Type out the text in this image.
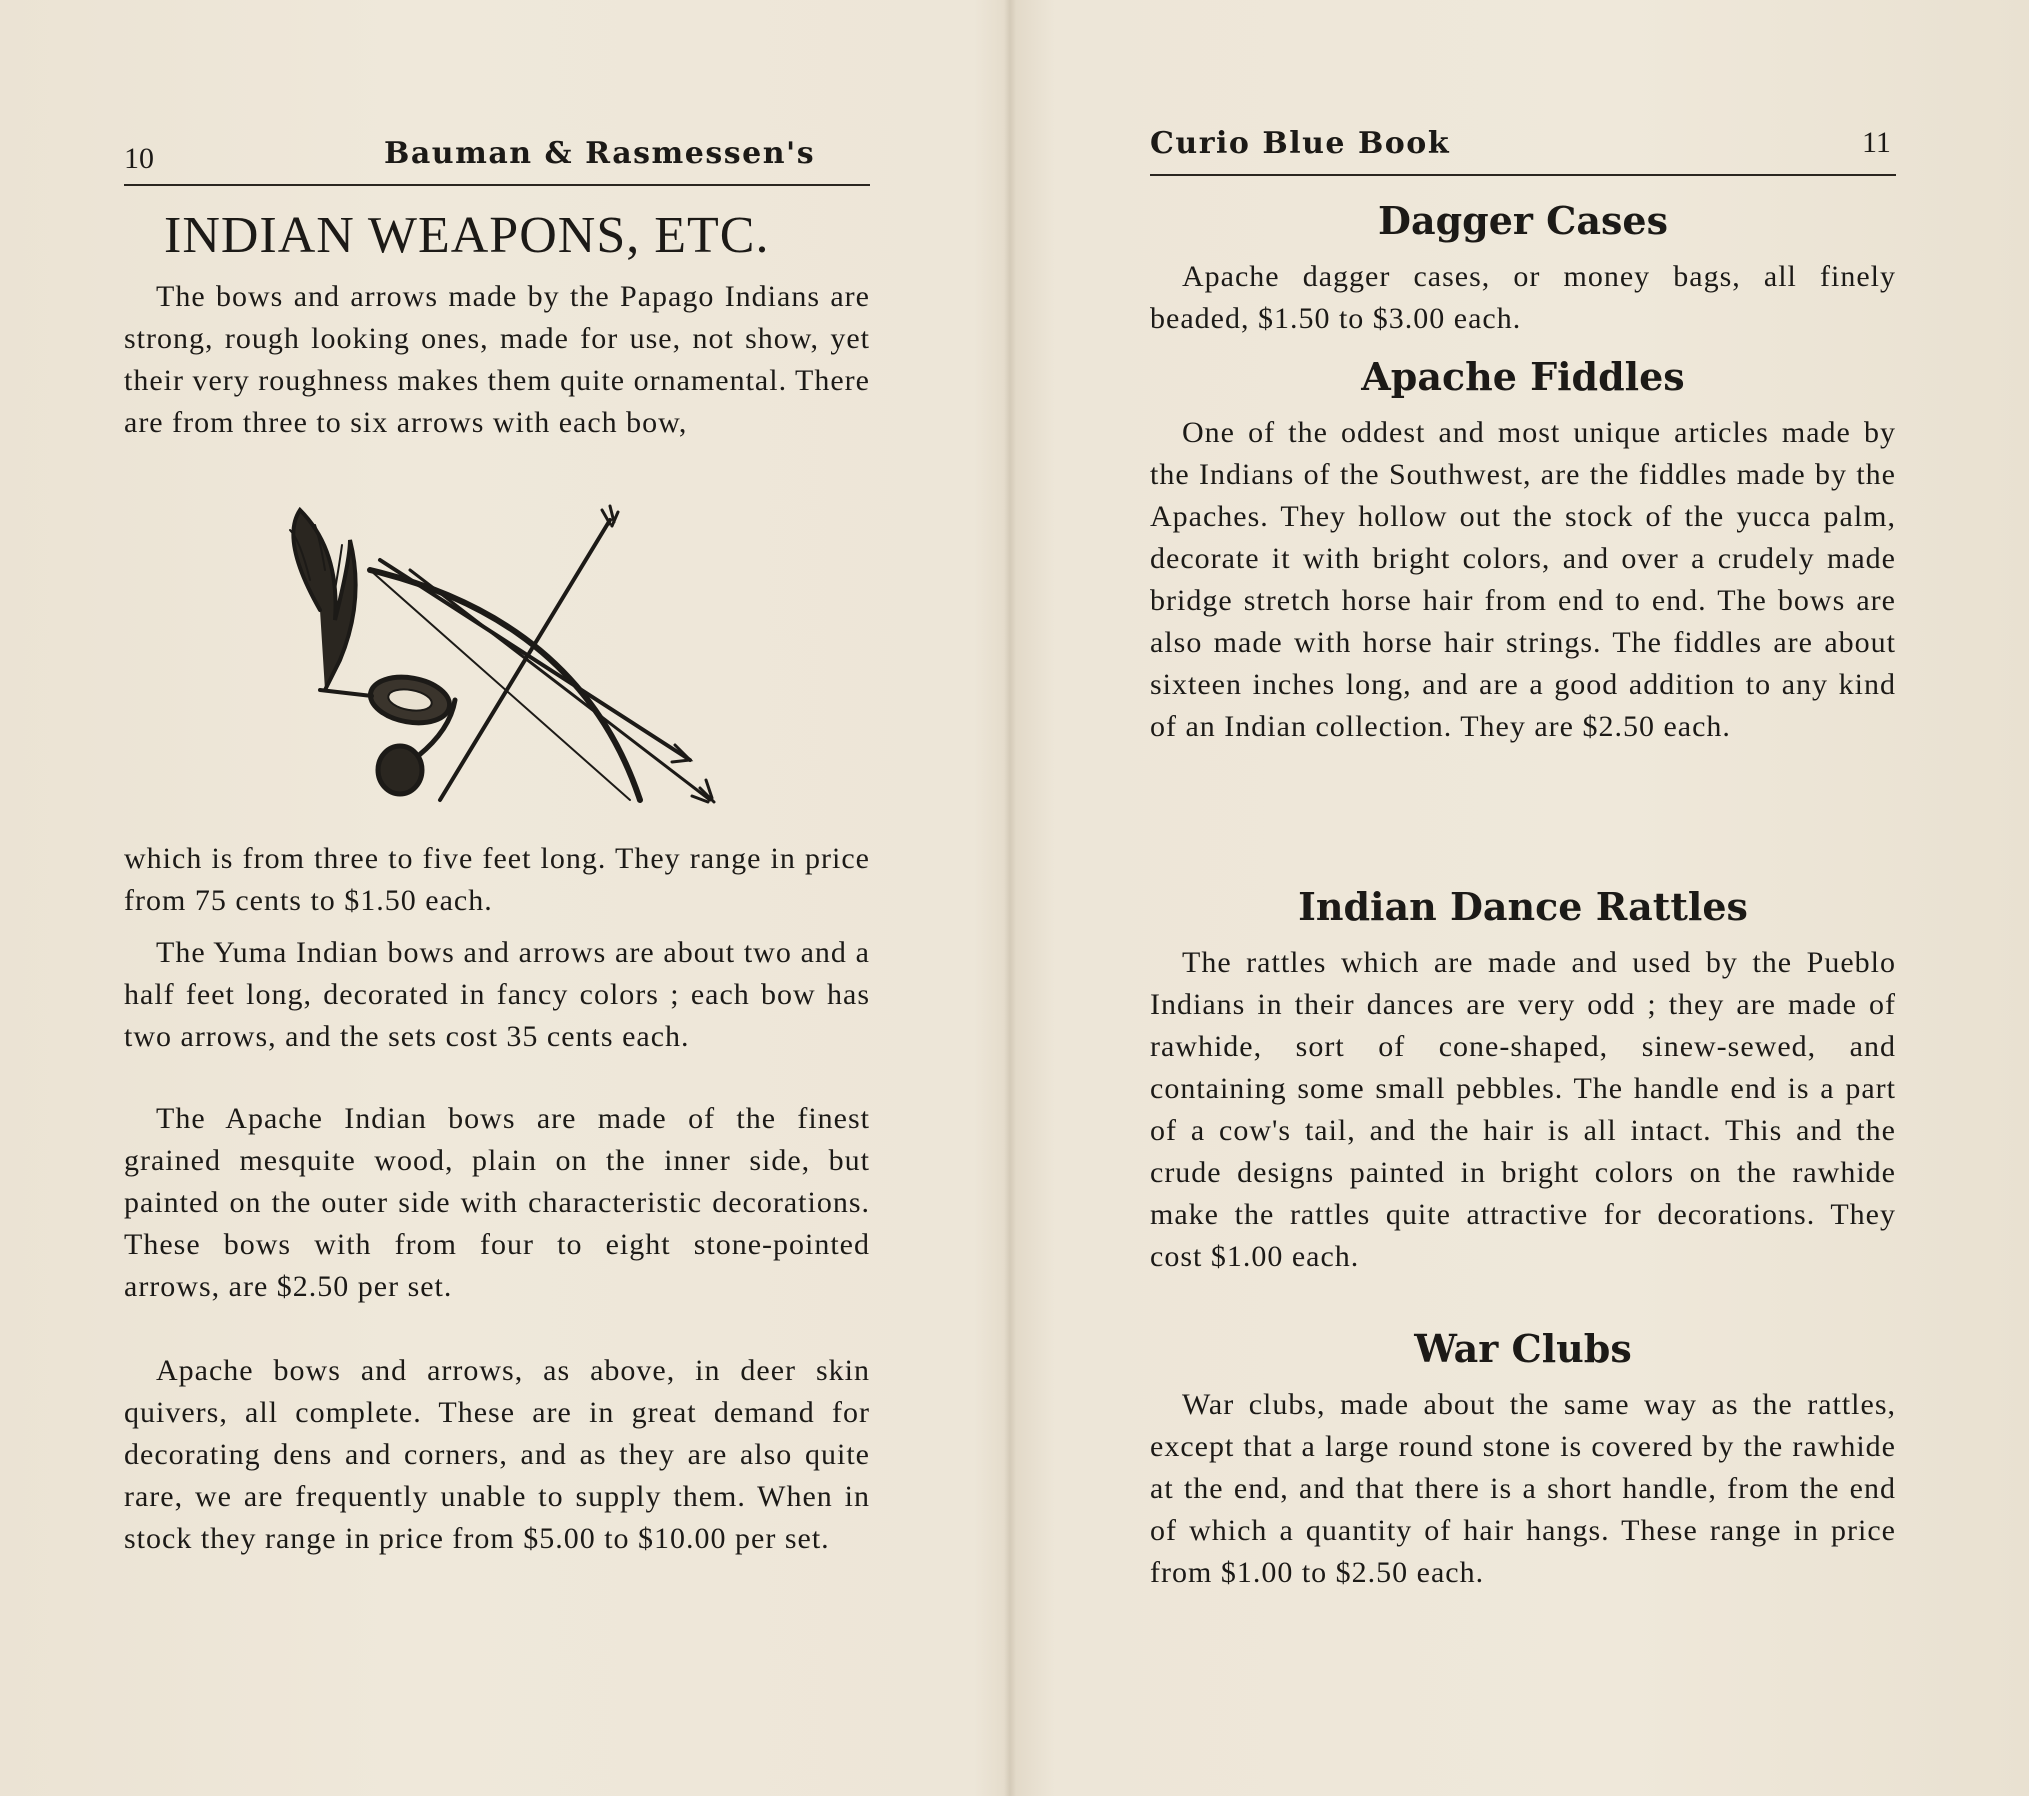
10	Bauman & Rasmessen's
INDIAN WEAPONS, ETC.

The bows and arrows made by the Papago Indians are strong, rough looking ones, made for use, not show, yet their very roughness makes them quite ornamental. There are from three to six arrows with each bow,

which is from three to five feet long. They range in price from 75 cents to $1.50 each.

The Yuma Indian bows and arrows are about two and a half feet long, decorated in fancy colors ; each bow has two arrows, and the sets cost 35 cents each.

The Apache Indian bows are made of the finest grained mesquite wood, plain on the inner side, but painted on the outer side with characteristic decorations. These bows with from four to eight stone-pointed arrows, are $2.50 per set.

Apache bows and arrows, as above, in deer skin quivers, all complete. These are in great demand for decorating dens and corners, and as they are also quite rare, we are frequently unable to supply them. When in stock they range in price from $5.00 to $10.00 per set.

Curio Blue Book	11
Dagger Cases

Apache dagger cases, or money bags, all finely beaded, $1.50 to $3.00 each.

Apache Fiddles

One of the oddest and most unique articles made by the Indians of the Southwest, are the fiddles made by the Apaches. They hollow out the stock of the yucca palm, decorate it with bright colors, and over a crudely made bridge stretch horse hair from end to end. The bows are also made with horse hair strings. The fiddles are about sixteen inches long, and are a good addition to any kind of an Indian collection. They are $2.50 each.

Indian Dance Rattles

The rattles which are made and used by the Pueblo Indians in their dances are very odd ; they are made of rawhide, sort of cone-shaped, sinew-sewed, and containing some small pebbles. The handle end is a part of a cow's tail, and the hair is all intact. This and the crude designs painted in bright colors on the rawhide make the rattles quite attractive for decorations. They cost $1.00 each.

War Clubs

War clubs, made about the same way as the rattles, except that a large round stone is covered by the rawhide at the end, and that there is a short handle, from the end of which a quantity of hair hangs. These range in price from $1.00 to $2.50 each.
